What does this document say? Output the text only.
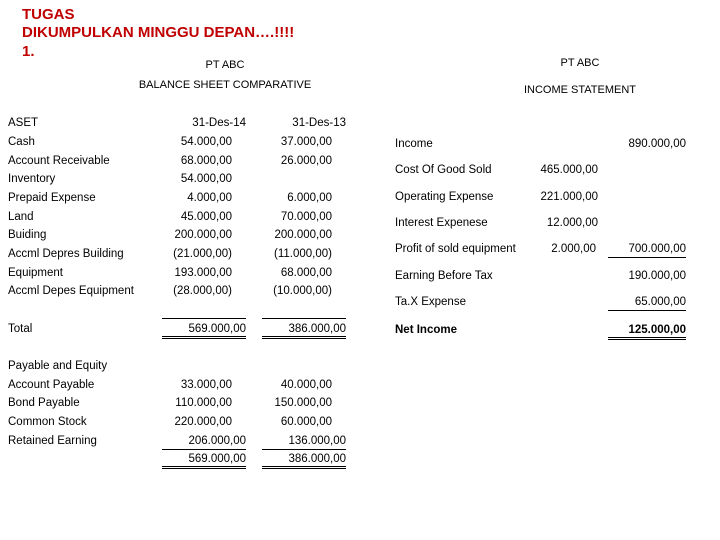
TUGAS
DIKUMPULKAN MINGGU DEPAN….!!!!
1.
PT ABC
BALANCE SHEET COMPARATIVE
PT ABC
INCOME STATEMENT
ASET	31-Des-14	31-Des-13
Cash	54.000,00	37.000,00
Account Receivable	68.000,00	26.000,00
Inventory	54.000,00
Prepaid Expense	4.000,00	6.000,00
Land	45.000,00	70.000,00
Buiding	200.000,00	200.000,00
Accml Depres Building	(21.000,00)	(11.000,00)
Equipment	193.000,00	68.000,00
Accml Depes Equipment	(28.000,00)	(10.000,00)
Total	569.000,00	386.000,00
Payable and Equity
Account Payable	33.000,00	40.000,00
Bond Payable	110.000,00	150.000,00
Common Stock	220.000,00	60.000,00
Retained Earning	206.000,00	136.000,00
569.000,00	386.000,00
Income	890.000,00
Cost Of Good Sold	465.000,00
Operating Expense	221.000,00
Interest Expenese	12.000,00
Profit of sold equipment	2.000,00	700.000,00
Earning Before Tax	190.000,00
Ta.X Expense	65.000,00
Net Income	125.000,00
